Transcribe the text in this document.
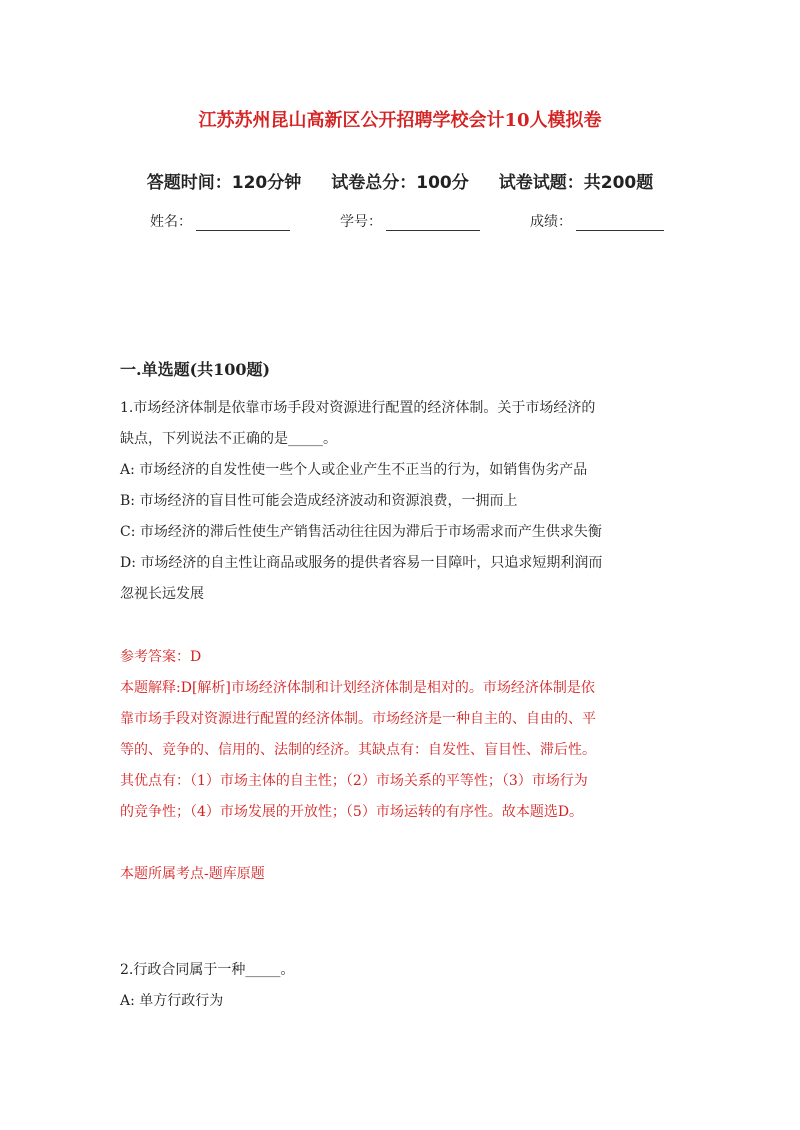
江苏苏州昆山高新区公开招聘学校会计10人模拟卷
答题时间：120分钟 试卷总分：100分 试卷试题：共200题
姓名：	学号：	成绩：
一.单选题(共100题)

1.市场经济体制是依靠市场手段对资源进行配置的经济体制。关于市场经济的

缺点，下列说法不正确的是_____。

A: 市场经济的自发性使一些个人或企业产生不正当的行为，如销售伪劣产品

B: 市场经济的盲目性可能会造成经济波动和资源浪费，一拥而上

C: 市场经济的滞后性使生产销售活动往往因为滞后于市场需求而产生供求失衡

D: 市场经济的自主性让商品或服务的提供者容易一目障叶，只追求短期利润而

忽视长远发展

参考答案：D

本题解释:D[解析]市场经济体制和计划经济体制是相对的。市场经济体制是依

靠市场手段对资源进行配置的经济体制。市场经济是一种自主的、自由的、平

等的、竞争的、信用的、法制的经济。其缺点有：自发性、盲目性、滞后性。

其优点有：（1）市场主体的自主性；（2）市场关系的平等性；（3）市场行为

的竞争性；（4）市场发展的开放性；（5）市场运转的有序性。故本题选D。

本题所属考点-题库原题

2.行政合同属于一种_____。

A: 单方行政行为
